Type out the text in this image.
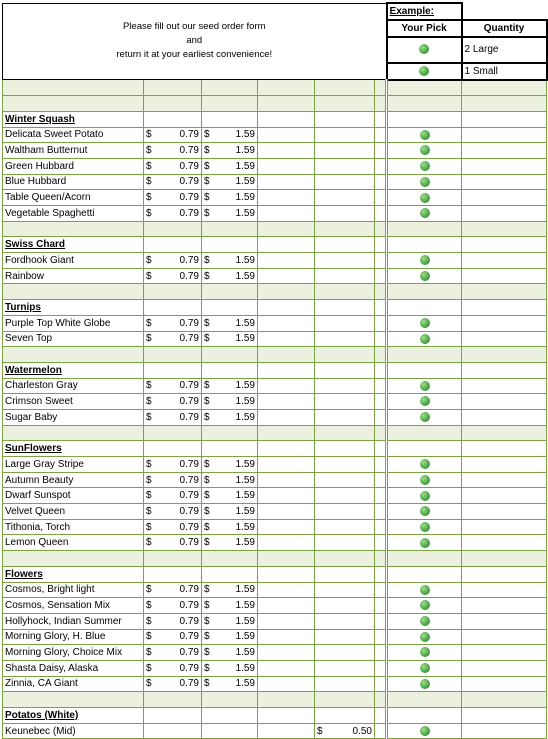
Please fill out our seed order form
and
return it at your earliest convenience!						Example:	
						Your Pick	Quantity
							2 Large
							1 Small

Winter Squash							
Delicata Sweet Potato	$ 0.79	$ 1.59					

Waltham Butternut	$ 0.79	$ 1.59					

Green Hubbard	$ 0.79	$ 1.59					

Blue Hubbard	$ 0.79	$ 1.59					

Table Queen/Acorn	$ 0.79	$ 1.59					

Vegetable Spaghetti	$ 0.79	$ 1.59					

Swiss Chard							
Fordhook Giant	$ 0.79	$ 1.59					

Rainbow	$ 0.79	$ 1.59					

Turnips							
Purple Top White Globe	$ 0.79	$ 1.59					

Seven Top	$ 0.79	$ 1.59					

Watermelon							
Charleston Gray	$ 0.79	$ 1.59					

Crimson Sweet	$ 0.79	$ 1.59					

Sugar Baby	$ 0.79	$ 1.59					

SunFlowers							
Large Gray Stripe	$ 0.79	$ 1.59					

Autumn Beauty	$ 0.79	$ 1.59					

Dwarf Sunspot	$ 0.79	$ 1.59					

Velvet Queen	$ 0.79	$ 1.59					

Tithonia, Torch	$ 0.79	$ 1.59					

Lemon Queen	$ 0.79	$ 1.59					

Flowers							
Cosmos, Bright light	$ 0.79	$ 1.59					

Cosmos, Sensation Mix	$ 0.79	$ 1.59					

Hollyhock, Indian Summer	$ 0.79	$ 1.59					

Morning Glory, H. Blue	$ 0.79	$ 1.59					

Morning Glory, Choice Mix	$ 0.79	$ 1.59					

Shasta Daisy, Alaska	$ 0.79	$ 1.59					

Zinnia, CA Giant	$ 0.79	$ 1.59					

Potatos (White)							
Keunebec (Mid)				$ 0.50			
